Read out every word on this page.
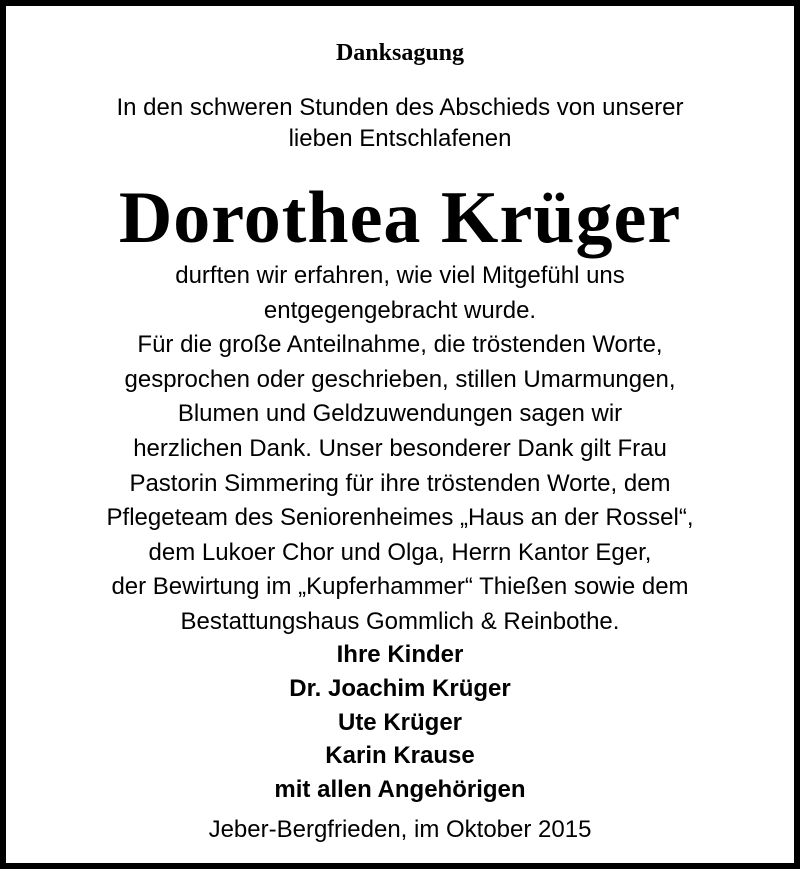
Danksagung
In den schweren Stunden des Abschieds von unserer
lieben Entschlafenen
Dorothea Krüger
durften wir erfahren, wie viel Mitgefühl uns
entgegengebracht wurde.
Für die große Anteilnahme, die tröstenden Worte,
gesprochen oder geschrieben, stillen Umarmungen,
Blumen und Geldzuwendungen sagen wir
herzlichen Dank. Unser besonderer Dank gilt Frau
Pastorin Simmering für ihre tröstenden Worte, dem
Pflegeteam des Seniorenheimes „Haus an der Rossel“,
dem Lukoer Chor und Olga, Herrn Kantor Eger,
der Bewirtung im „Kupferhammer“ Thießen sowie dem
Bestattungshaus Gommlich & Reinbothe.
Ihre Kinder
Dr. Joachim Krüger
Ute Krüger
Karin Krause
mit allen Angehörigen
Jeber-Bergfrieden, im Oktober 2015
